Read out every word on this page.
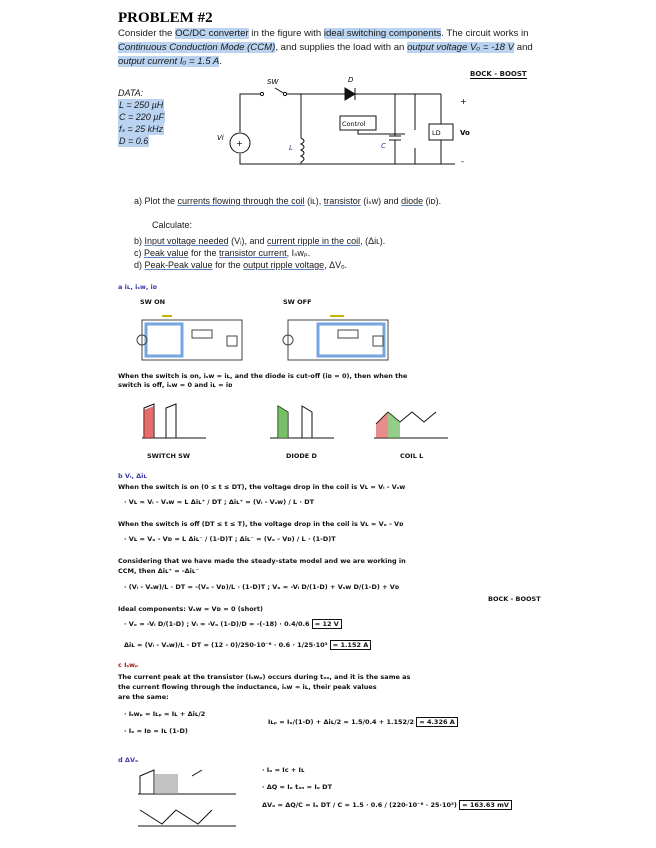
PROBLEM #2
Consider the OC/DC converter in the figure with ideal switching components. The circuit works in Continuous Conduction Mode (CCM), and supplies the load with an output voltage Vₒ = -18 V and output current Iₒ = 1.5 A.
BOCK - BOOST
DATA:
L = 250 µH
C = 220 µF
fₛ = 25 kHz
D = 0.6
SW	D
Control
LD	Vo
+
-
Vi
+	L	C
a) Plot the currents flowing through the coil (iʟ), transistor (iₛᴡ) and diode (iᴅ).
Calculate:
b) Input voltage needed (Vᵢ), and current ripple in the coil, (Δiʟ).
c) Peak value for the transistor current, Iₛᴡₚ.
d) Peak-Peak value for the output ripple voltage, ΔVₒ.
a iʟ, iₛᴡ, iᴅ
SW ON	SW OFF
When the switch is on, iₛᴡ = iʟ, and the diode is cut-off (iᴅ = 0), then when the
switch is off, iₛᴡ = 0 and iʟ = iᴅ
SWITCH SW	DIODE D	COIL L
b Vᵢ, Δiʟ
When the switch is on (0 ≤ t ≤ DT), the voltage drop in the coil is Vʟ = Vᵢ - Vₛᴡ
· Vʟ = Vᵢ - Vₛᴡ = L Δiʟ⁺ / DT ; Δiʟ⁺ = (Vᵢ - Vₛᴡ) / L · DT
When the switch is off (DT ≤ t ≤ T), the voltage drop in the coil is Vʟ = Vₒ - Vᴅ
· Vʟ = Vₒ - Vᴅ = L Δiʟ⁻ / (1-D)T ; Δiʟ⁻ = (Vₒ - Vᴅ) / L · (1-D)T
Considering that we have made the steady-state model and we are working in
CCM, then Δiʟ⁺ = -Δiʟ⁻
· (Vᵢ - Vₛᴡ)/L · DT = -(Vₒ - Vᴅ)/L · (1-D)T ; Vₒ = -Vᵢ D/(1-D) + Vₛᴡ D/(1-D) + Vᴅ
BOCK - BOOST
Ideal components: Vₛᴡ = Vᴅ = 0 (short)
· Vₒ = -Vᵢ D/(1-D) ; Vᵢ = -Vₒ (1-D)/D = -(-18) · 0.4/0.6 = 12 V
Δiʟ = (Vᵢ - Vₛᴡ)/L · DT = (12 - 0)/250·10⁻⁶ · 0.6 · 1/25·10³ = 1.152 A
c Iₛᴡₚ
The current peak at the transistor (Iₛᴡₚ) occurs during tₒₙ, and it is the same as
the current flowing through the inductance, iₛᴡ = iʟ, their peak values
are the same:
· Iₛᴡₚ = Iʟₚ = Iʟ + Δiʟ/2
· Iₒ = Iᴅ = Iʟ (1-D)
Iʟₚ = Iₒ/(1-D) + Δiʟ/2 = 1.5/0.4 + 1.152/2 = 4.326 A
d ΔVₒ
· Iₒ = Iᴄ + Iʟ
· ΔQ = Iₒ tₒₙ = Iₒ DT
ΔVₒ = ΔQ/C = Iₒ DT / C = 1.5 · 0.6 / (220·10⁻⁶ · 25·10³) = 163.63 mV
